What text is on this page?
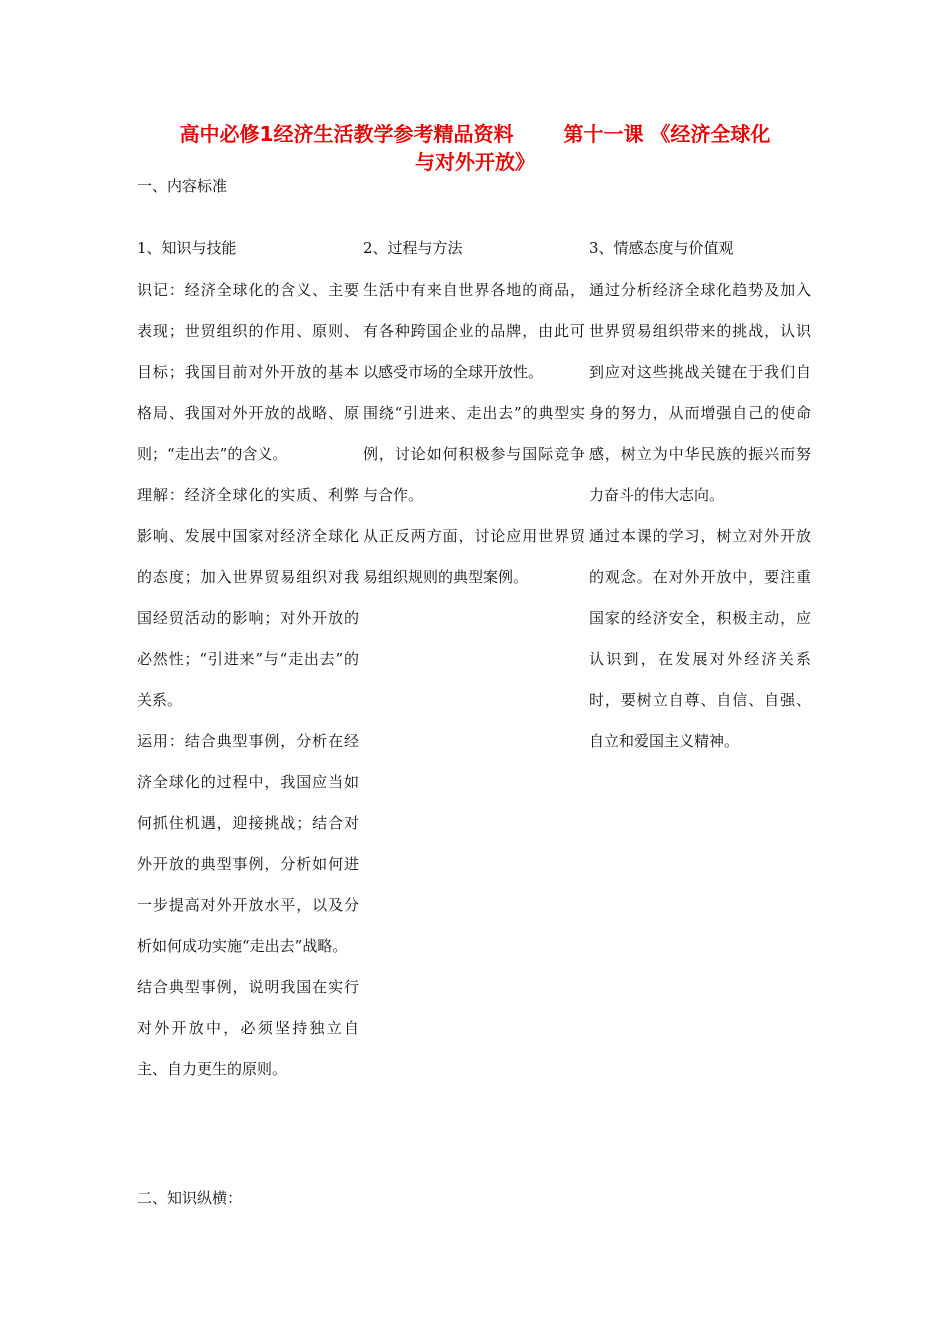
高中必修1经济生活教学参考精品资料	第十一课 《经济全球化
与对外开放》
一、内容标准
1、知识与技能

识记：经济全球化的含义、主要表现；世贸组织的作用、原则、目标；我国目前对外开放的基本格局、我国对外开放的战略、原则；“走出去”的含义。

理解：经济全球化的实质、利弊影响、发展中国家对经济全球化的态度；加入世界贸易组织对我国经贸活动的影响；对外开放的必然性；“引进来”与“走出去”的关系。

运用：结合典型事例，分析在经济全球化的过程中，我国应当如何抓住机遇，迎接挑战；结合对外开放的典型事例，分析如何进一步提高对外开放水平，以及分析如何成功实施“走出去”战略。

结合典型事例，说明我国在实行对外开放中，必须坚持独立自主、自力更生的原则。

2、过程与方法

生活中有来自世界各地的商品，有各种跨国企业的品牌，由此可以感受市场的全球开放性。

围绕“引进来、走出去”的典型实例，讨论如何积极参与国际竞争与合作。

从正反两方面，讨论应用世界贸易组织规则的典型案例。

3、情感态度与价值观

通过分析经济全球化趋势及加入世界贸易组织带来的挑战，认识到应对这些挑战关键在于我们自身的努力，从而增强自己的使命感，树立为中华民族的振兴而努力奋斗的伟大志向。

通过本课的学习，树立对外开放的观念。在对外开放中，要注重国家的经济安全，积极主动，应认识到，在发展对外经济关系时，要树立自尊、自信、自强、自立和爱国主义精神。

二、知识纵横：
